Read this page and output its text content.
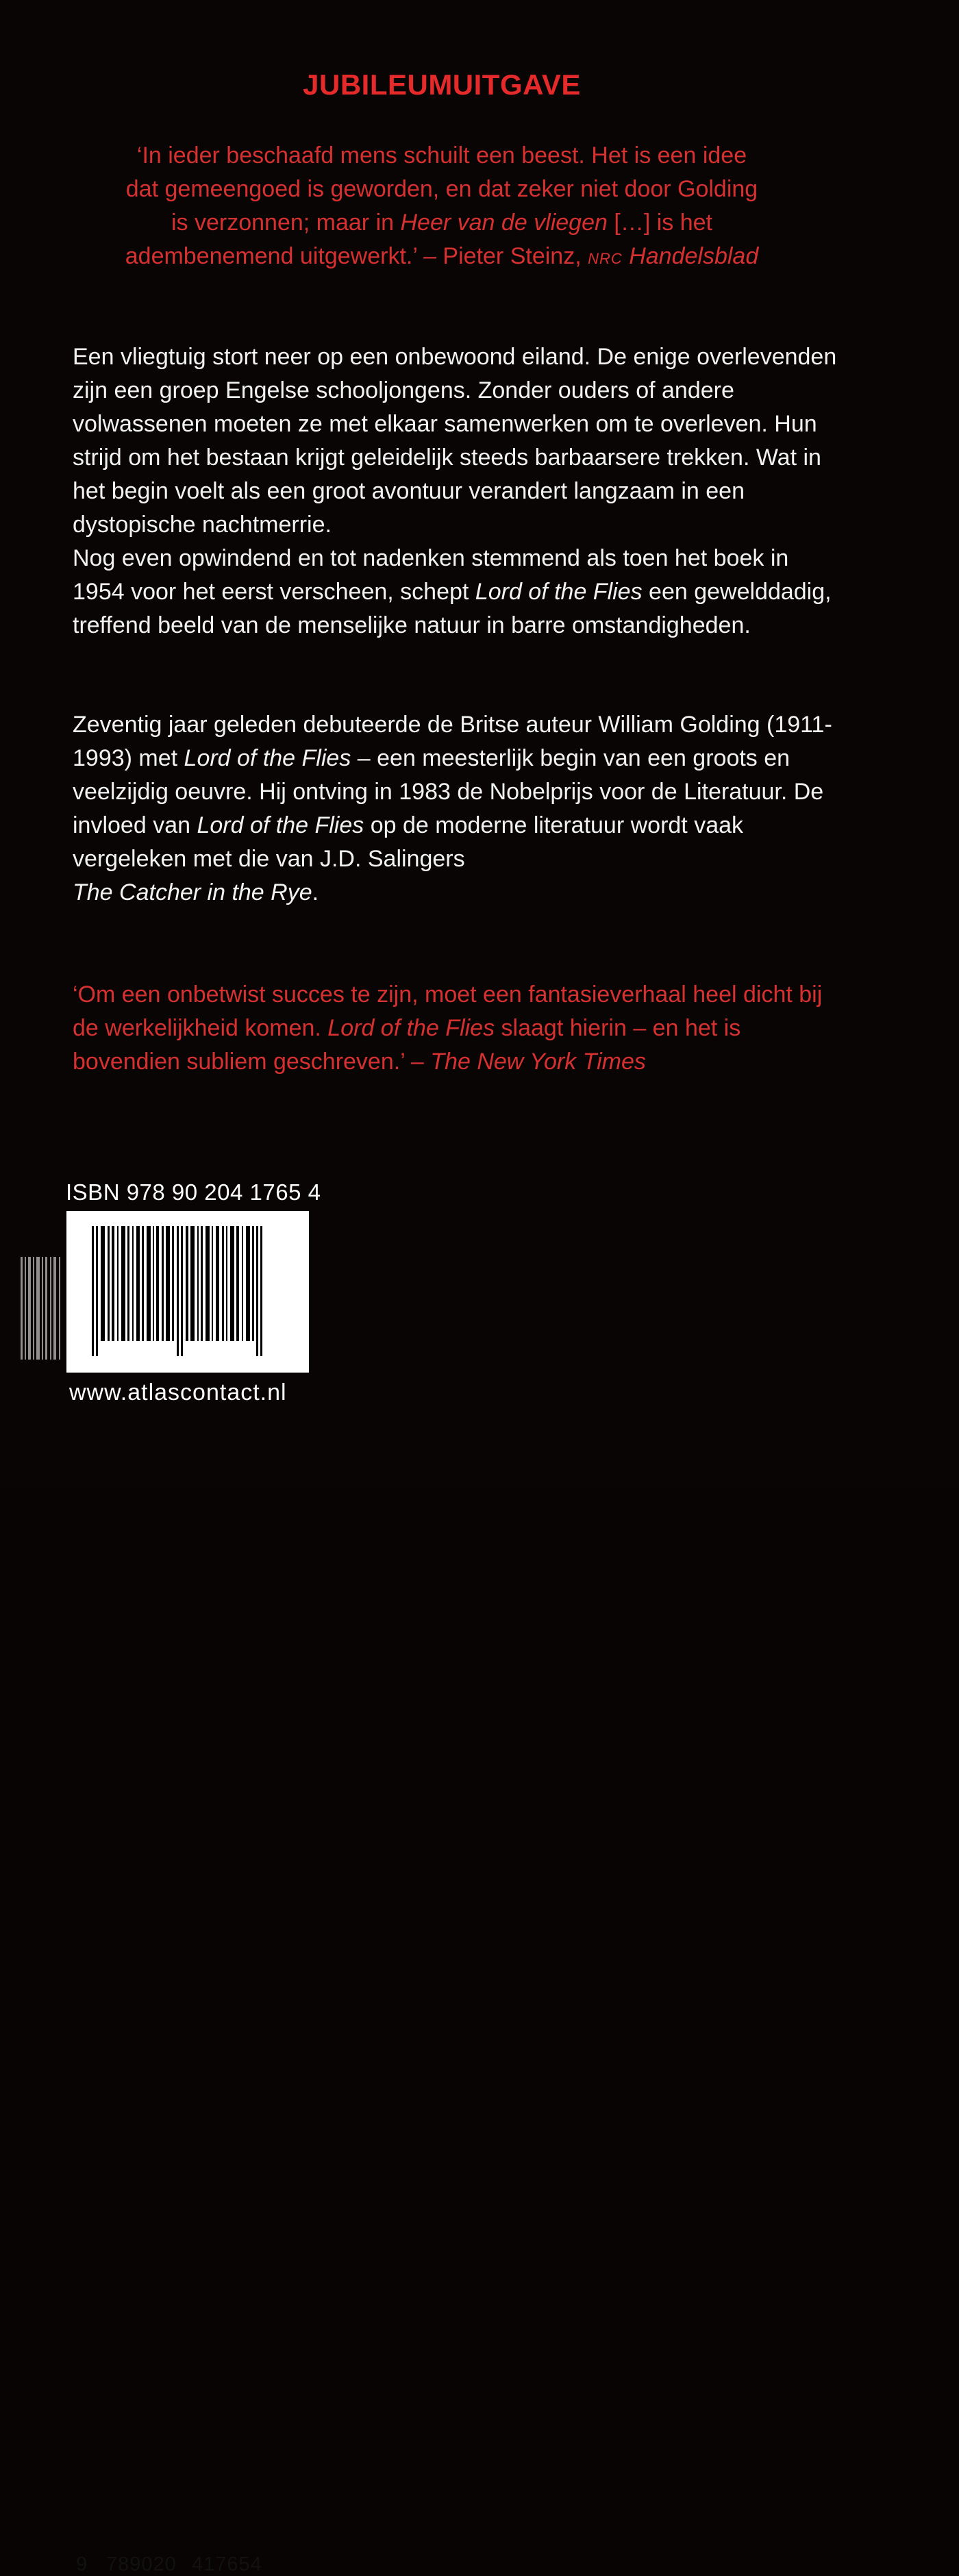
JUBILEUMUITGAVE
‘In ieder beschaafd mens schuilt een beest. Het is een idee
dat gemeengoed is geworden, en dat zeker niet door Golding
is verzonnen; maar in Heer van de vliegen […] is het
adembenemend uitgewerkt.’ – Pieter Steinz, NRC Handelsblad

Een vliegtuig stort neer op een onbewoond eiland. De enige overlevenden zijn een groep Engelse schooljongens. Zonder ouders of andere volwassenen moeten ze met elkaar samenwerken om te overleven. Hun strijd om het bestaan krijgt geleidelijk steeds barbaarsere trekken. Wat in het begin voelt als een groot avontuur verandert langzaam in een dystopische nachtmerrie.

Nog even opwindend en tot nadenken stemmend als toen het boek in 1954 voor het eerst verscheen, schept Lord of the Flies een gewelddadig, treffend beeld van de menselijke natuur in barre omstandigheden.

Zeventig jaar geleden debuteerde de Britse auteur William Golding (1911-1993) met Lord of the Flies – een meesterlijk begin van een groots en veelzijdig oeuvre. Hij ontving in 1983 de Nobelprijs voor de Literatuur. De invloed van Lord of the Flies op de moderne literatuur wordt vaak vergeleken met die van J.D. Salingers
The Catcher in the Rye.

‘Om een onbetwist succes te zijn, moet een fantasieverhaal heel dicht bij de werkelijkheid komen. Lord of the Flies slaagt hierin – en het is bovendien subliem geschreven.’ – The New York Times
ISBN 978 90 204 1765 4
9 789020 417654
www.atlascontact.nl
